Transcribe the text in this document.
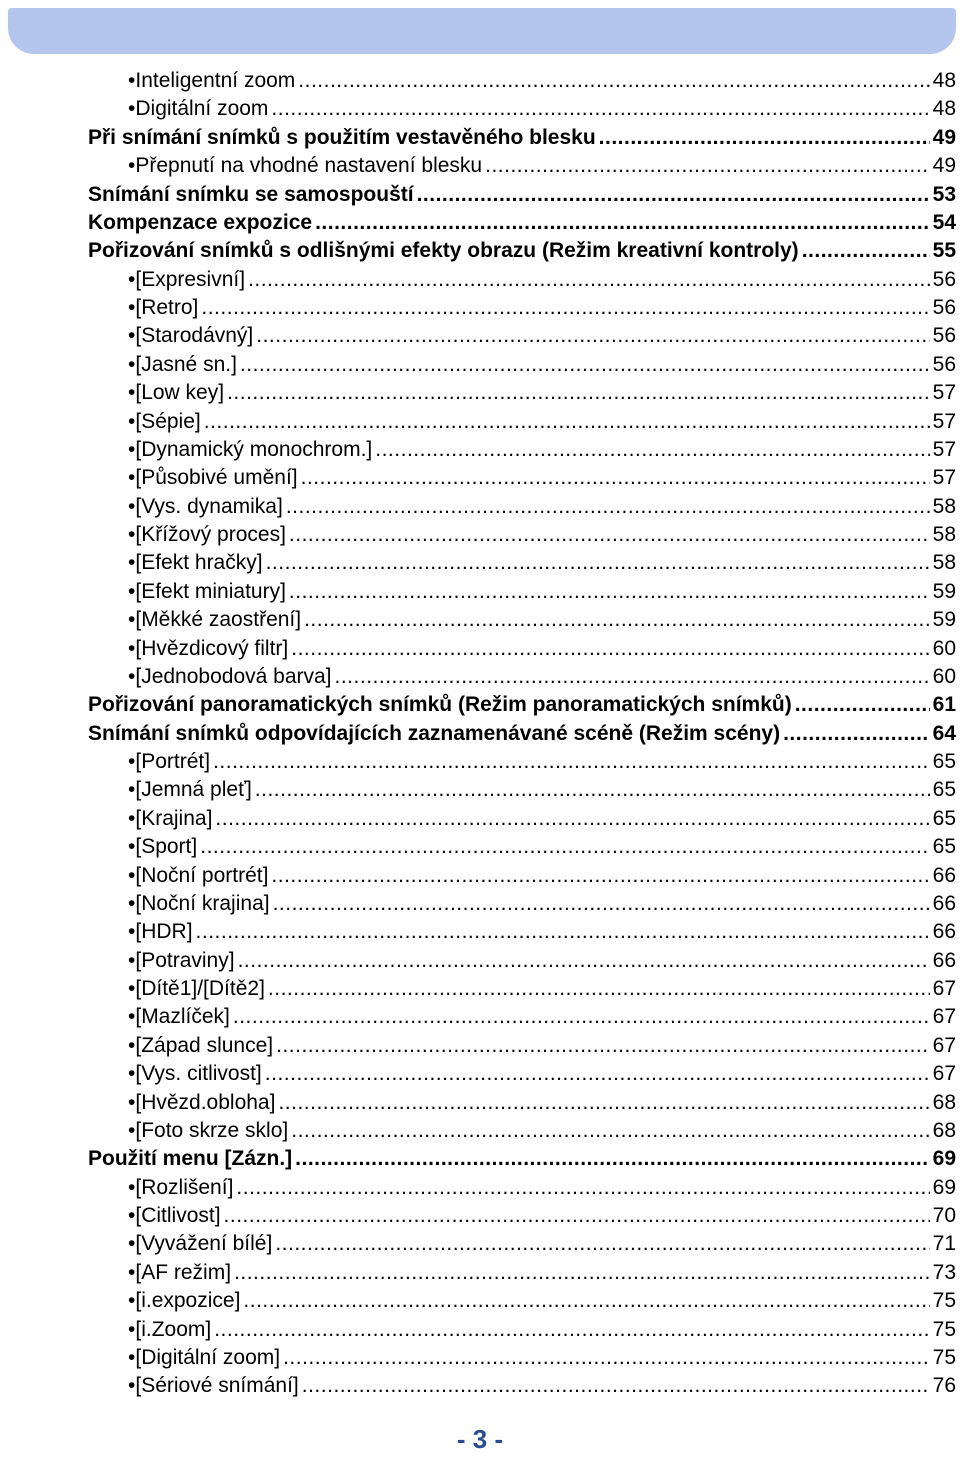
• Inteligentní zoom .....	48
• Digitální zoom .....	48
Při snímání snímků s použitím vestavěného blesku .....	49
• Přepnutí na vhodné nastavení blesku .....	49
Snímání snímku se samospouští .....	53
Kompenzace expozice .....	54
Pořizování snímků s odlišnými efekty obrazu (Režim kreativní kontroly) .....	55
• [Expresivní] .....	56
• [Retro] .....	56
• [Starodávný] .....	56
• [Jasné sn.] .....	56
• [Low key] .....	57
• [Sépie] .....	57
• [Dynamický monochrom.] .....	57
• [Působivé umění] .....	57
• [Vys. dynamika] .....	58
• [Křížový proces] .....	58
• [Efekt hračky] .....	58
• [Efekt miniatury] .....	59
• [Měkké zaostření] .....	59
• [Hvězdicový filtr] .....	60
• [Jednobodová barva] .....	60
Pořizování panoramatických snímků (Režim panoramatických snímků) .....	61
Snímání snímků odpovídajících zaznamenávané scéně (Režim scény) .....	64
• [Portrét] .....	65
• [Jemná pleť] .....	65
• [Krajina] .....	65
• [Sport] .....	65
• [Noční portrét] .....	66
• [Noční krajina] .....	66
• [HDR] .....	66
• [Potraviny] .....	66
• [Dítě1]/[Dítě2] .....	67
• [Mazlíček] .....	67
• [Západ slunce] .....	67
• [Vys. citlivost] .....	67
• [Hvězd.obloha] .....	68
• [Foto skrze sklo] .....	68
Použití menu [Zázn.] .....	69
• [Rozlišení] .....	69
• [Citlivost] .....	70
• [Vyvážení bílé] .....	71
• [AF režim] .....	73
• [i.expozice] .....	75
• [i.Zoom] .....	75
• [Digitální zoom] .....	75
• [Sériové snímání] .....	76
- 3 -
